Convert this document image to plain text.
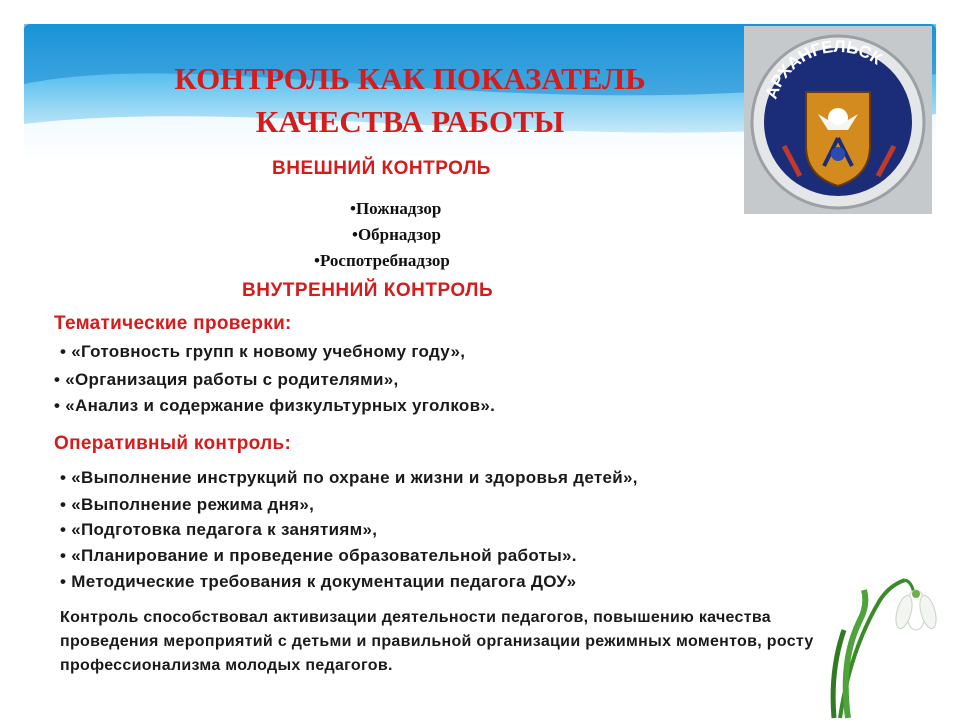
АРХАНГЕЛЬСК
КОНТРОЛЬ КАК ПОКАЗАТЕЛЬ
КАЧЕСТВА РАБОТЫ
ВНЕШНИЙ КОНТРОЛЬ
•Пожнадзор
•Обрнадзор
•Роспотребнадзор
ВНУТРЕННИЙ КОНТРОЛЬ
Тематические проверки:
• «Готовность групп к новому учебному году»,
• «Организация работы с родителями»,
• «Анализ и содержание физкультурных уголков».
Оперативный контроль:
• «Выполнение инструкций по охране и жизни и здоровья детей»,
• «Выполнение режима дня»,
• «Подготовка педагога к занятиям»,
• «Планирование и проведение образовательной работы».
• Методические требования к документации педагога ДОУ»
Контроль способствовал активизации деятельности педагогов, повышению качества проведения мероприятий с детьми и правильной организации режимных моментов, росту профессионализма молодых педагогов.
